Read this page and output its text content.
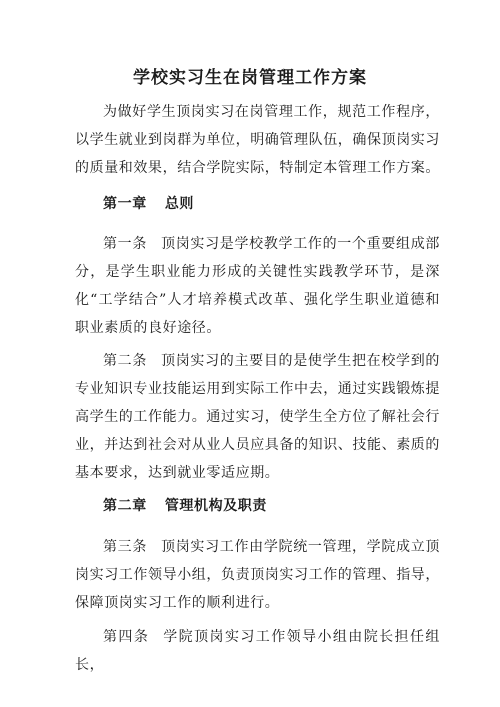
学校实习生在岗管理工作方案
为做好学生顶岗实习在岗管理工作，规范工作程序，以学生就业到岗群为单位，明确管理队伍，确保顶岗实习的质量和效果，结合学院实际，特制定本管理工作方案。
第一章 总则
第一条 顶岗实习是学校教学工作的一个重要组成部分，是学生职业能力形成的关键性实践教学环节，是深化“工学结合”人才培养模式改革、强化学生职业道德和职业素质的良好途径。
第二条 顶岗实习的主要目的是使学生把在校学到的专业知识专业技能运用到实际工作中去，通过实践锻炼提高学生的工作能力。通过实习，使学生全方位了解社会行业，并达到社会对从业人员应具备的知识、技能、素质的基本要求，达到就业零适应期。
第二章 管理机构及职责
第三条 顶岗实习工作由学院统一管理，学院成立顶岗实习工作领导小组，负责顶岗实习工作的管理、指导，保障顶岗实习工作的顺利进行。
第四条 学院顶岗实习工作领导小组由院长担任组长，
